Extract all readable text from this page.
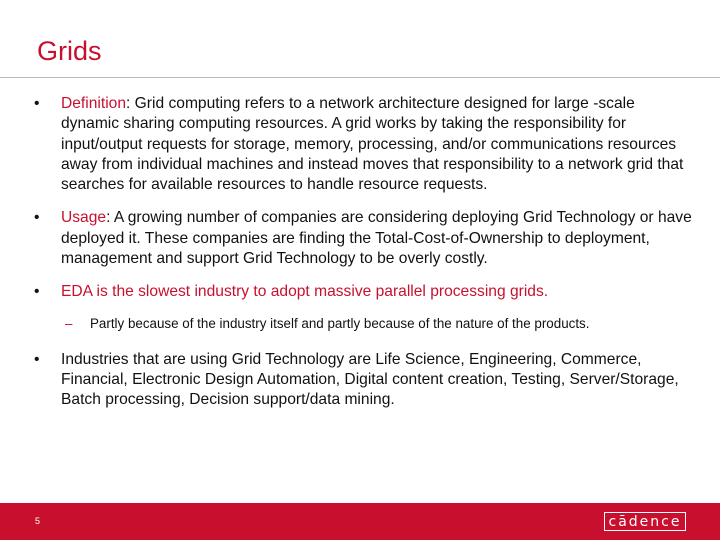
Grids
• Definition: Grid computing refers to a network architecture designed for large -scale dynamic sharing computing resources. A grid works by taking the responsibility for input/output requests for storage, memory, processing, and/or communications resources away from individual machines and instead moves that responsibility to a network grid that searches for available resources to handle resource requests.
• Usage: A growing number of companies are considering deploying Grid Technology or have deployed it. These companies are finding the Total-Cost-of-Ownership to deployment, management and support Grid Technology to be overly costly.
• EDA is the slowest industry to adopt massive parallel processing grids.
– Partly because of the industry itself and partly because of the nature of the products.
• Industries that are using Grid Technology are Life Science, Engineering, Commerce, Financial, Electronic Design Automation, Digital content creation, Testing, Server/Storage, Batch processing, Decision support/data mining.
5	cādence
